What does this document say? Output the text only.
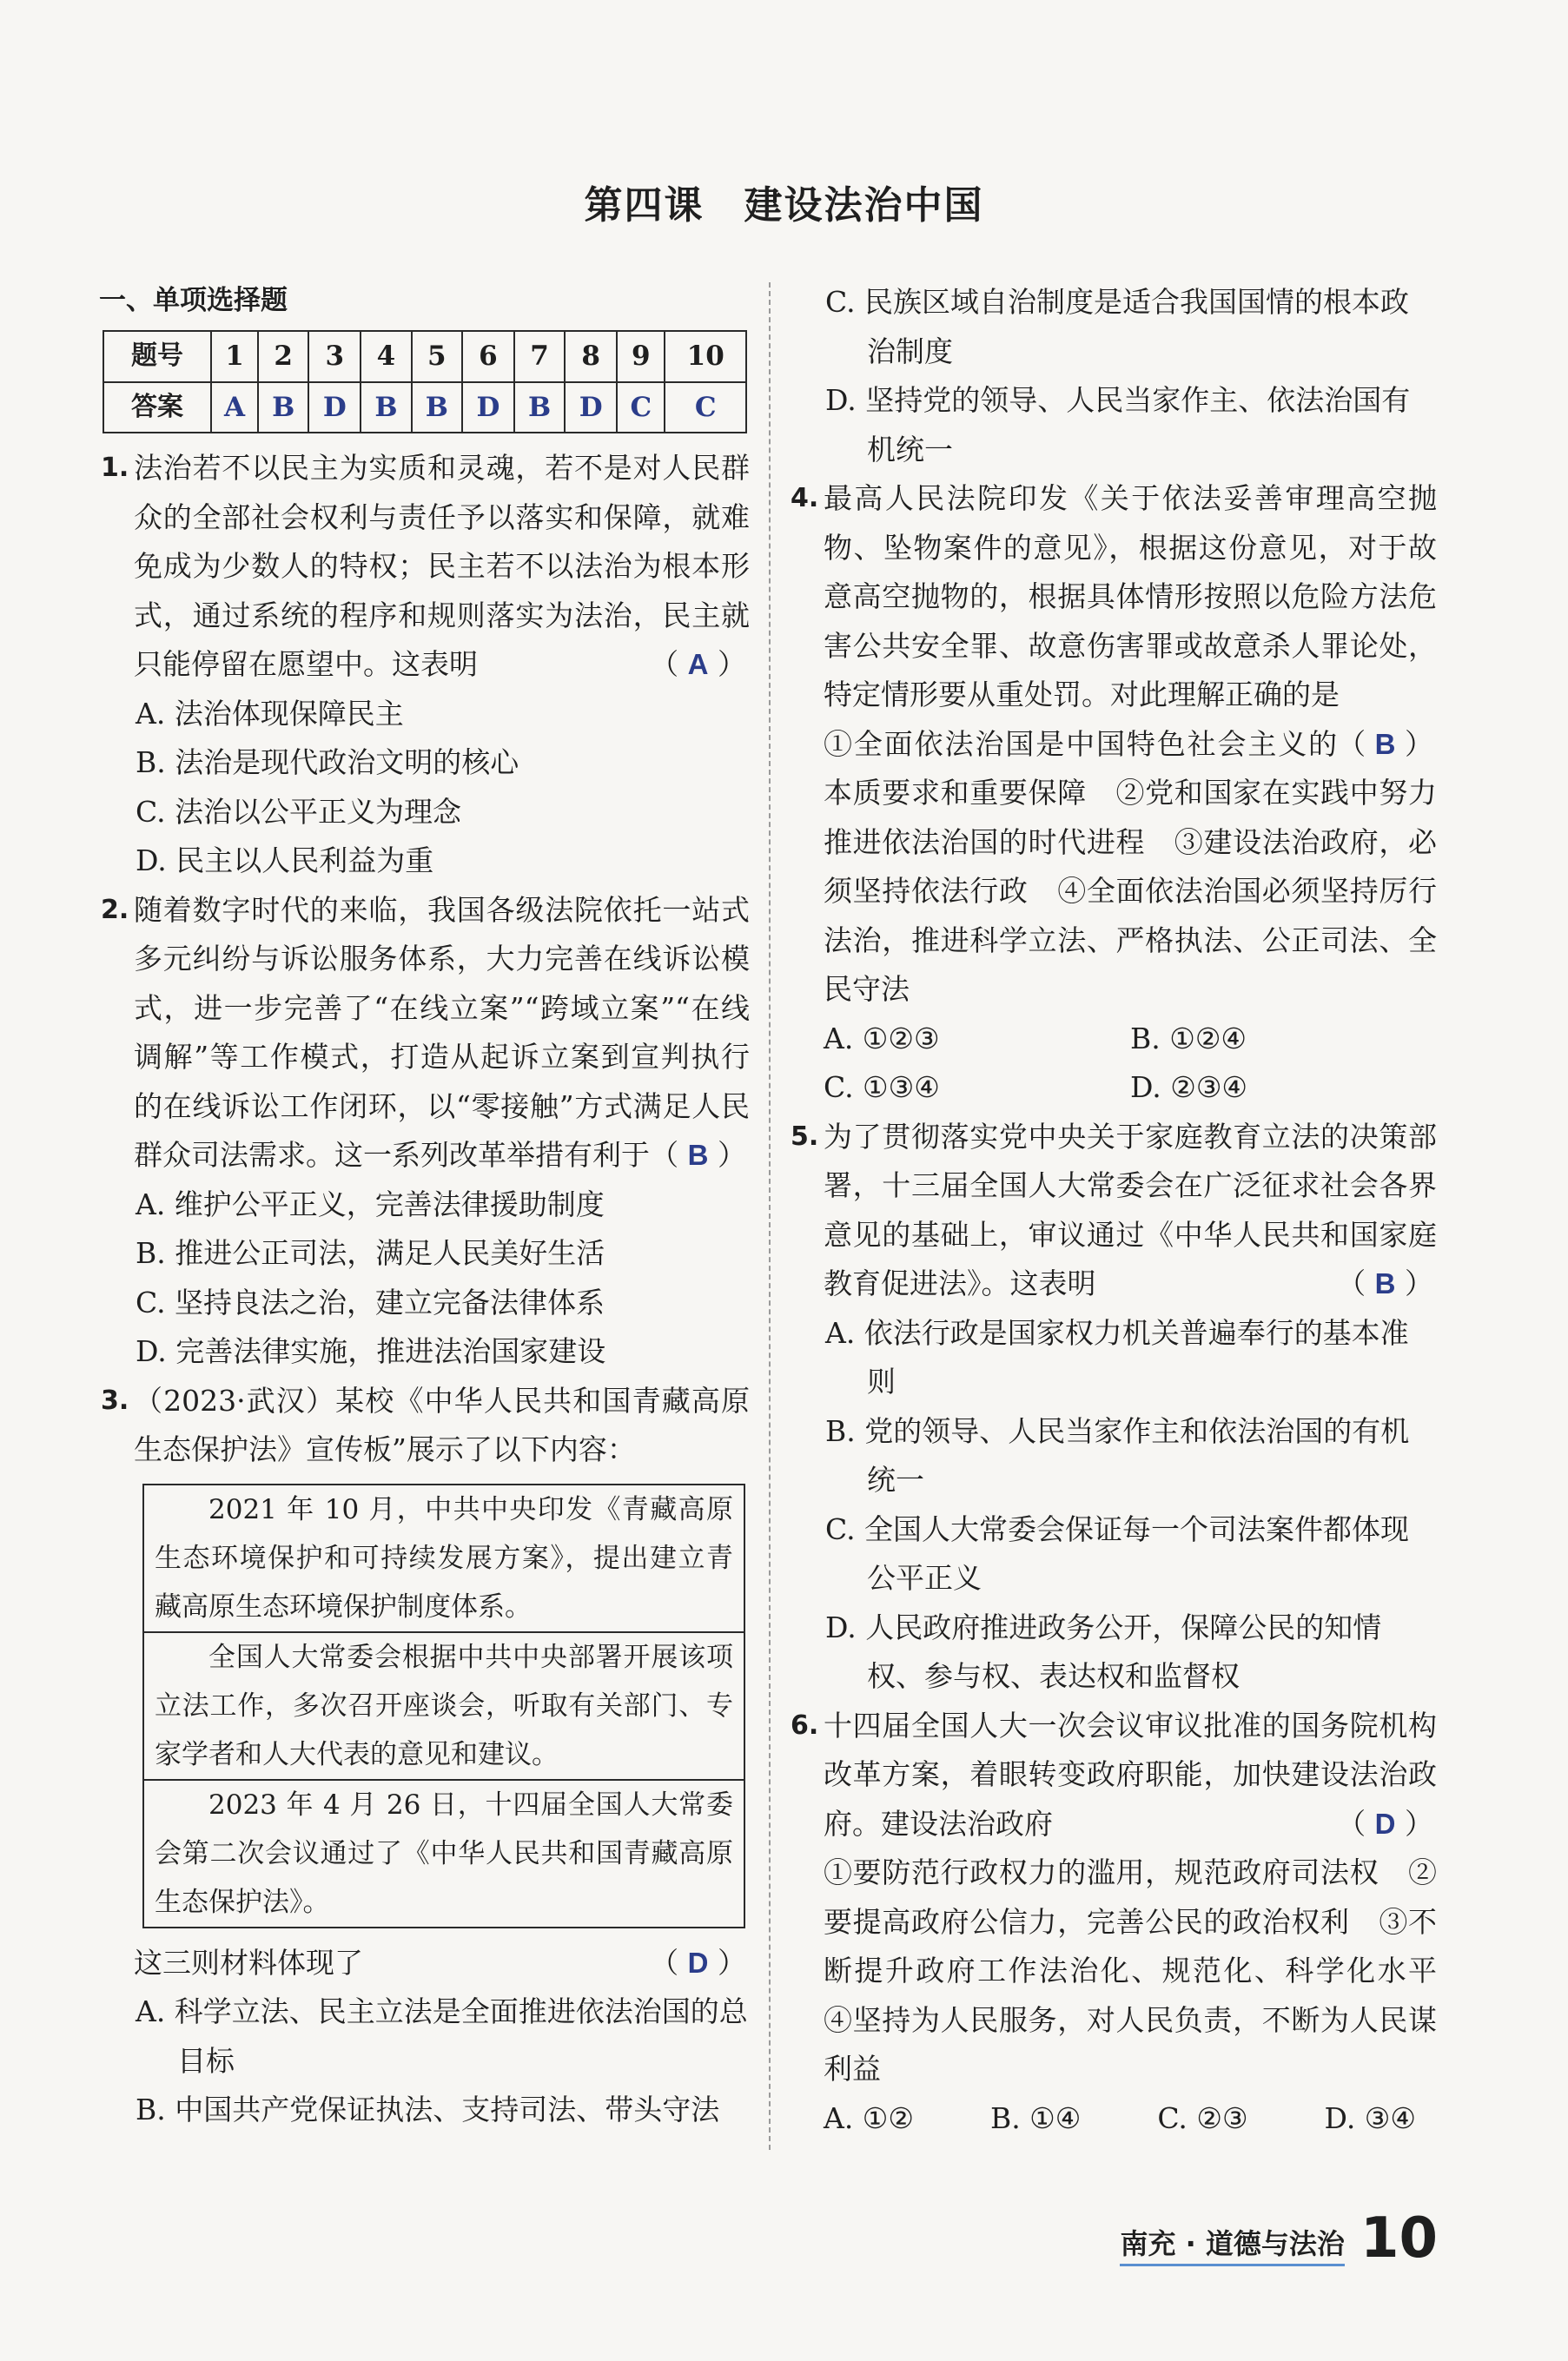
第四课　建设法治中国
一、单项选择题
题号	1	2	3	4	5	6	7	8	9	10
答案	A	B	D	B	B	D	B	D	C	C
1. 法治若不以民主为实质和灵魂，若不是对人民群众的全部社会权利与责任予以落实和保障，就难免成为少数人的特权；民主若不以法治为根本形式，通过系统的程序和规则落实为法治，民主就只能停留在愿望中。这表明	（ A ）
A. 法治体现保障民主
B. 法治是现代政治文明的核心
C. 法治以公平正义为理念
D. 民主以人民利益为重
2. 随着数字时代的来临，我国各级法院依托一站式多元纠纷与诉讼服务体系，大力完善在线诉讼模式，进一步完善了“在线立案”“跨域立案”“在线调解”等工作模式，打造从起诉立案到宣判执行的在线诉讼工作闭环，以“零接触”方式满足人民群众司法需求。这一系列改革举措有利于 （ B ）
A. 维护公平正义，完善法律援助制度
B. 推进公正司法，满足人民美好生活
C. 坚持良法之治，建立完备法律体系
D. 完善法律实施，推进法治国家建设
3. （2023·武汉）某校《中华人民共和国青藏高原生态保护法》宣传板”展示了以下内容：
2021 年 10 月，中共中央印发《青藏高原生态环境保护和可持续发展方案》，提出建立青藏高原生态环境保护制度体系。
全国人大常委会根据中共中央部署开展该项立法工作，多次召开座谈会，听取有关部门、专家学者和人大代表的意见和建议。
2023 年 4 月 26 日，十四届全国人大常委会第二次会议通过了《中华人民共和国青藏高原生态保护法》。
这三则材料体现了	（ D ）
A. 科学立法、民主立法是全面推进依法治国的总目标
B. 中国共产党保证执法、支持司法、带头守法
C. 民族区域自治制度是适合我国国情的根本政治制度
D. 坚持党的领导、人民当家作主、依法治国有机统一
4. 最高人民法院印发《关于依法妥善审理高空抛物、坠物案件的意见》，根据这份意见，对于故意高空抛物的，根据具体情形按照以危险方法危害公共安全罪、故意伤害罪或故意杀人罪论处，特定情形要从重处罚。对此理解正确的是
（ B ）
①全面依法治国是中国特色社会主义的本质要求和重要保障　②党和国家在实践中努力推进依法治国的时代进程　③建设法治政府，必须坚持依法行政　④全面依法治国必须坚持厉行法治，推进科学立法、严格执法、公正司法、全民守法
A. ①②③	B. ①②④
C. ①③④	D. ②③④
5. 为了贯彻落实党中央关于家庭教育立法的决策部署，十三届全国人大常委会在广泛征求社会各界意见的基础上，审议通过《中华人民共和国家庭教育促进法》。这表明	（ B ）
A. 依法行政是国家权力机关普遍奉行的基本准则
B. 党的领导、人民当家作主和依法治国的有机统一
C. 全国人大常委会保证每一个司法案件都体现公平正义
D. 人民政府推进政务公开，保障公民的知情权、参与权、表达权和监督权
6. 十四届全国人大一次会议审议批准的国务院机构改革方案，着眼转变政府职能，加快建设法治政府。建设法治政府	（ D ）
①要防范行政权力的滥用，规范政府司法权　②要提高政府公信力，完善公民的政治权利　③不断提升政府工作法治化、规范化、科学化水平　④坚持为人民服务，对人民负责，不断为人民谋利益
A. ①②	B. ①④	C. ②③	D. ③④
南充 · 道德与法治 10
